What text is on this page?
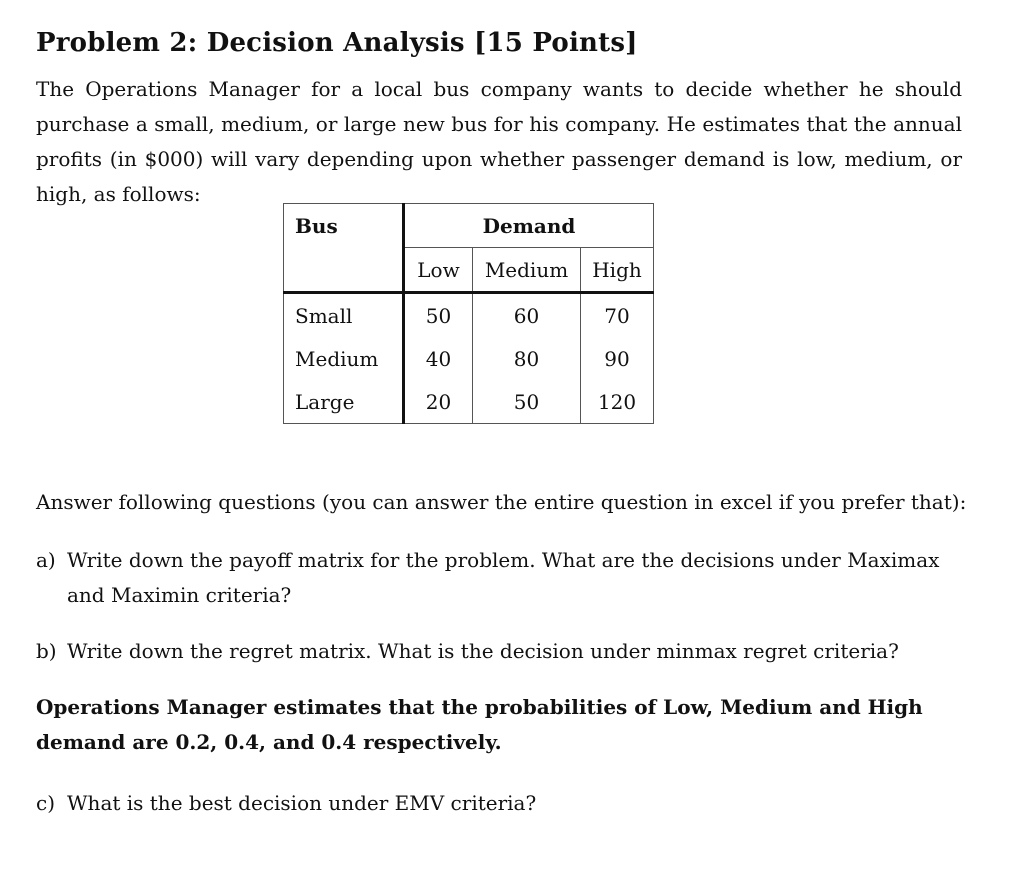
Problem 2: Decision Analysis [15 Points]

The Operations Manager for a local bus company wants to decide whether he should purchase a small, medium, or large new bus for his company. He estimates that the annual profits (in $000) will vary depending upon whether passenger demand is low, medium, or high, as follows:

Bus	Demand		
	Low	Medium	High
Small	50	60	70
Medium	40	80	90
Large	20	50	120

Answer following questions (you can answer the entire question in excel if you prefer that):

a) Write down the payoff matrix for the problem. What are the decisions under Maximax and Maximin criteria?
b) Write down the regret matrix. What is the decision under minmax regret criteria?

Operations Manager estimates that the probabilities of Low, Medium and High demand are 0.2, 0.4, and 0.4 respectively.

c) What is the best decision under EMV criteria?
